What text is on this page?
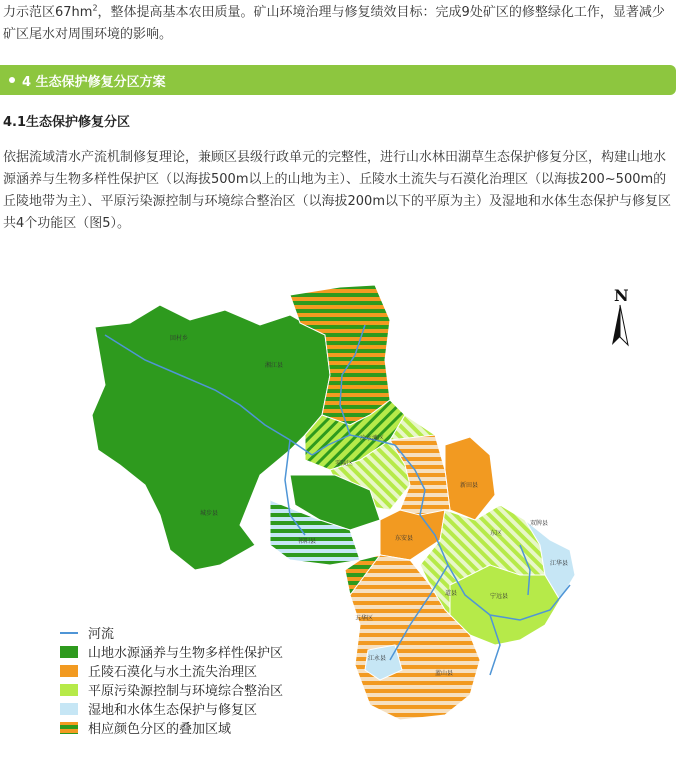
力示范区$67hm^2$，整体提高基本农田质量。矿山环境治理与修复绩效目标：完成9处矿区的修整绿化工作，显著减少矿区尾水对周围环境的影响。
4 生态保护修复分区方案
4.1生态保护修复分区
依据流域清水产流机制修复理论，兼顾区县级行政单元的完整性，进行山水林田湖草生态保护修复分区，构建山地水源涵养与生物多样性保护区（以海拔500m以上的山地为主）、丘陵水土流失与石漠化治理区（以海拔200~500m的丘陵地带为主）、平原污染源控制与环境综合整治区（以海拔200m以下的平原为主）及湿地和水体生态保护与修复区共4个功能区（图5）。
回村乡
湘江县
城步县
祁阳县
零陵区
冷水滩区
东安县
新田县
道县	宁远县
江永县
蓝山县
江华县
双牌县
五华区
东区
N
河流
山地水源涵养与生物多样性保护区
丘陵石漠化与水土流失治理区
平原污染源控制与环境综合整治区
湿地和水体生态保护与修复区
相应颜色分区的叠加区域
